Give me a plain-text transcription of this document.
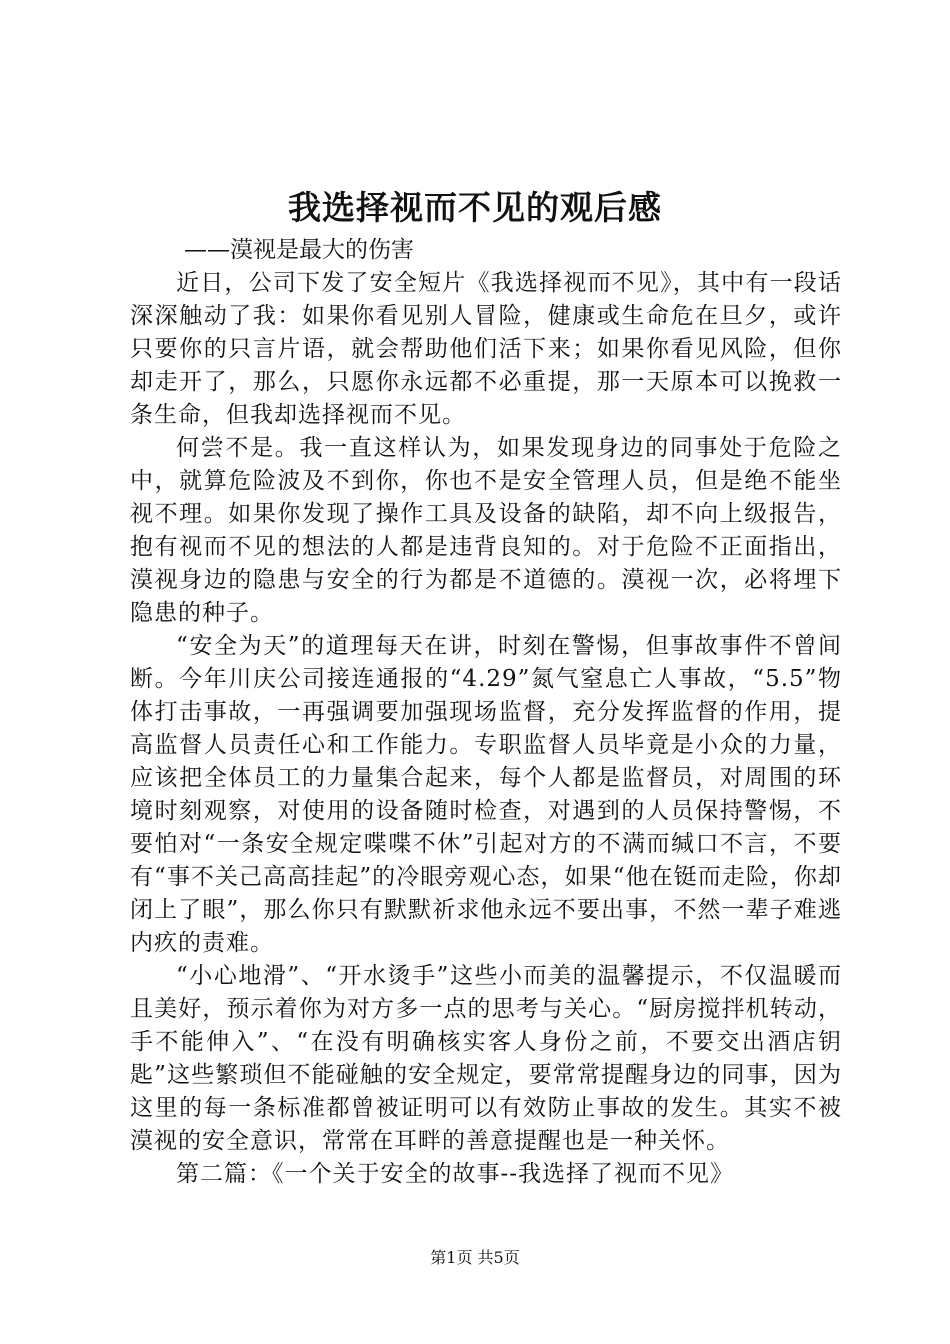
我选择视而不见的观后感

——漠视是最大的伤害

近日，公司下发了安全短片《我选择视而不见》，其中有一段话深深触动了我：如果你看见别人冒险，健康或生命危在旦夕，或许只要你的只言片语，就会帮助他们活下来；如果你看见风险，但你却走开了，那么，只愿你永远都不必重提，那一天原本可以挽救一条生命，但我却选择视而不见。

何尝不是。我一直这样认为，如果发现身边的同事处于危险之中，就算危险波及不到你，你也不是安全管理人员，但是绝不能坐视不理。如果你发现了操作工具及设备的缺陷，却不向上级报告，抱有视而不见的想法的人都是违背良知的。对于危险不正面指出，漠视身边的隐患与安全的行为都是不道德的。漠视一次，必将埋下隐患的种子。

“安全为天”的道理每天在讲，时刻在警惕，但事故事件不曾间断。今年川庆公司接连通报的“4.29”氮气窒息亡人事故，“5.5”物体打击事故，一再强调要加强现场监督，充分发挥监督的作用，提高监督人员责任心和工作能力。专职监督人员毕竟是小众的力量，应该把全体员工的力量集合起来，每个人都是监督员，对周围的环境时刻观察，对使用的设备随时检查，对遇到的人员保持警惕，不要怕对“一条安全规定喋喋不休”引起对方的不满而缄口不言，不要有“事不关己高高挂起”的冷眼旁观心态，如果“他在铤而走险，你却闭上了眼”，那么你只有默默祈求他永远不要出事，不然一辈子难逃内疚的责难。

“小心地滑”、“开水烫手”这些小而美的温馨提示，不仅温暖而且美好，预示着你为对方多一点的思考与关心。“厨房搅拌机转动，手不能伸入”、“在没有明确核实客人身份之前，不要交出酒店钥匙”这些繁琐但不能碰触的安全规定，要常常提醒身边的同事，因为这里的每一条标准都曾被证明可以有效防止事故的发生。其实不被漠视的安全意识，常常在耳畔的善意提醒也是一种关怀。

第二篇：《一个关于安全的故事--我选择了视而不见》

第1页 共5页
